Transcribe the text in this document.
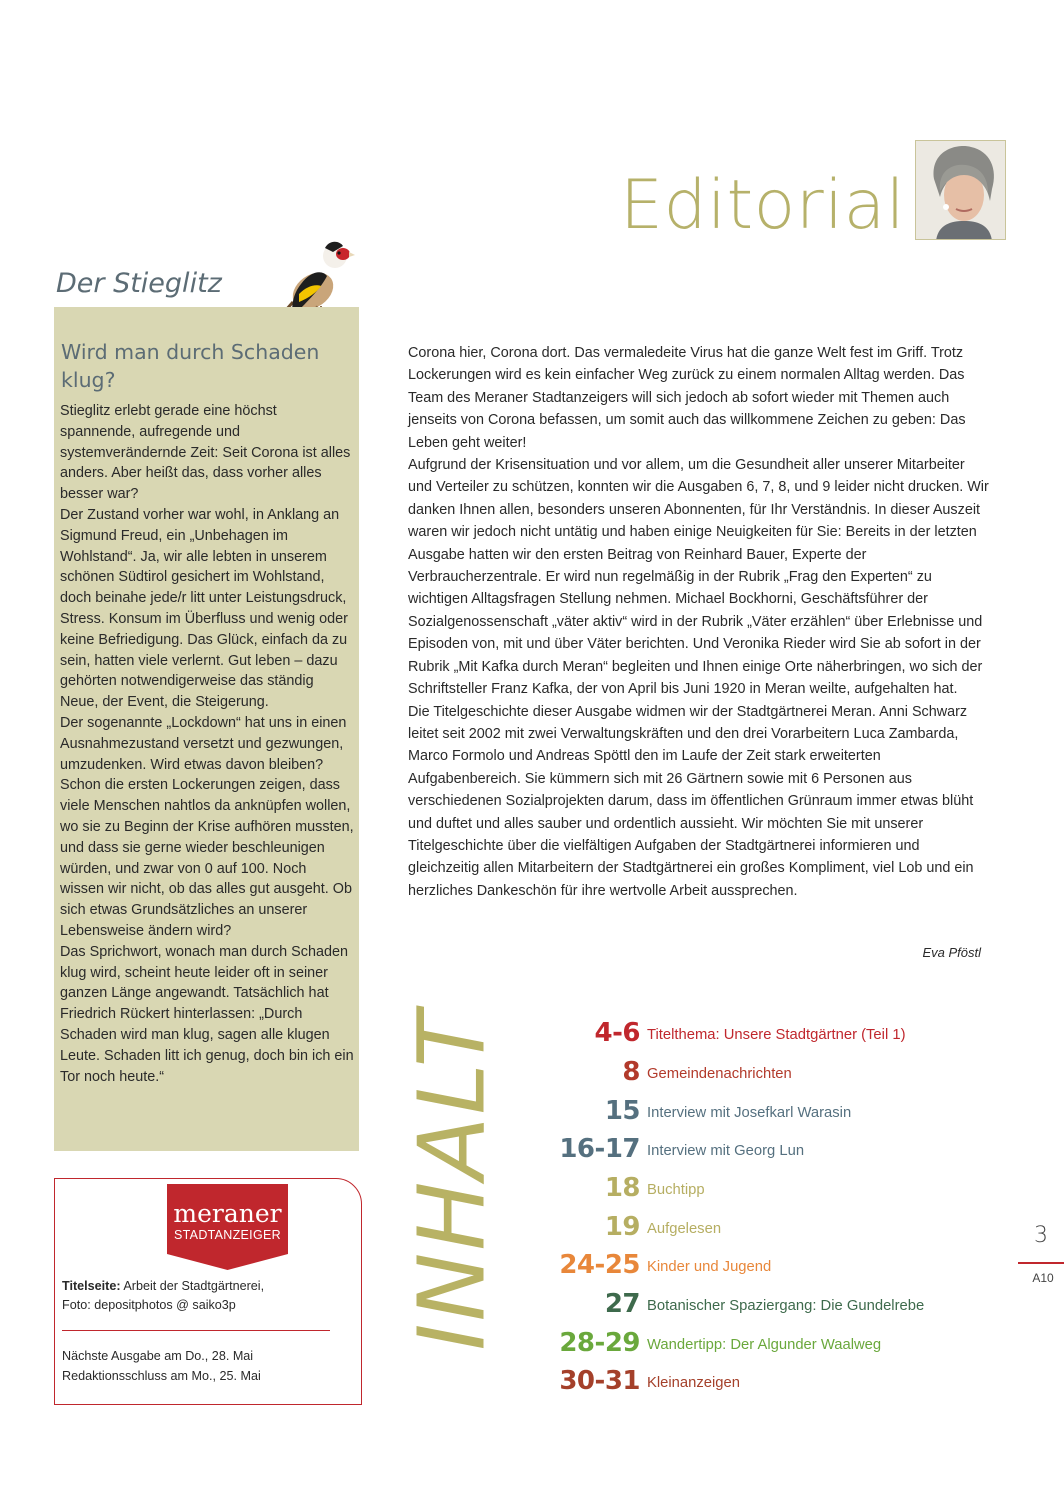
Editorial
Der Stieglitz
Wird man durch Schaden klug?

Stieglitz erlebt gerade eine höchst spannende, aufregende und systemverändernde Zeit: Seit Corona ist alles anders. Aber heißt das, dass vorher alles besser war?

Der Zustand vorher war wohl, in Anklang an Sigmund Freud, ein „Unbehagen im Wohlstand“. Ja, wir alle lebten in unserem schönen Südtirol gesichert im Wohlstand, doch beinahe jede/r litt unter Leistungsdruck, Stress. Konsum im Überfluss und wenig oder keine Befriedigung. Das Glück, einfach da zu sein, hatten viele verlernt. Gut leben – dazu gehörten notwendigerweise das ständig Neue, der Event, die Steigerung.

Der sogenannte „Lockdown“ hat uns in einen Ausnahmezustand versetzt und gezwungen, umzudenken. Wird etwas davon bleiben? Schon die ersten Lockerungen zeigen, dass viele Menschen nahtlos da anknüpfen wollen, wo sie zu Beginn der Krise aufhören mussten, und dass sie gerne wieder beschleunigen würden, und zwar von 0 auf 100. Noch wissen wir nicht, ob das alles gut ausgeht. Ob sich etwas Grundsätzliches an unserer Lebensweise ändern wird?

Das Sprichwort, wonach man durch Schaden klug wird, scheint heute leider oft in seiner ganzen Länge angewandt. Tatsächlich hat Friedrich Rückert hinterlassen: „Durch Schaden wird man klug, sagen alle klugen Leute. Schaden litt ich genug, doch bin ich ein Tor noch heute.“

meraner
STADTANZEIGER
Titelseite: Arbeit der Stadtgärtnerei,
Foto: depositphotos @ saiko3p
Nächste Ausgabe am Do., 28. Mai
Redaktionsschluss am Mo., 25. Mai

Corona hier, Corona dort. Das vermaledeite Virus hat die ganze Welt fest im Griff. Trotz Lockerungen wird es kein einfacher Weg zurück zu einem normalen Alltag werden. Das Team des Meraner Stadtanzeigers will sich jedoch ab sofort wieder mit Themen auch jenseits von Corona befassen, um somit auch das willkommene Zeichen zu geben: Das Leben geht weiter!

Aufgrund der Krisensituation und vor allem, um die Gesundheit aller unserer Mitarbeiter und Verteiler zu schützen, konnten wir die Ausgaben 6, 7, 8, und 9 leider nicht drucken. Wir danken Ihnen allen, besonders unseren Abonnenten, für Ihr Verständnis. In dieser Auszeit waren wir jedoch nicht untätig und haben einige Neuigkeiten für Sie: Bereits in der letzten Ausgabe hatten wir den ersten Beitrag von Reinhard Bauer, Experte der Verbraucherzentrale. Er wird nun regelmäßig in der Rubrik „Frag den Experten“ zu wichtigen Alltagsfragen Stellung nehmen. Michael Bockhorni, Geschäftsführer der Sozialgenossenschaft „väter aktiv“ wird in der Rubrik „Väter erzählen“ über Erlebnisse und Episoden von, mit und über Väter berichten. Und Veronika Rieder wird Sie ab sofort in der Rubrik „Mit Kafka durch Meran“ begleiten und Ihnen einige Orte näherbringen, wo sich der Schriftsteller Franz Kafka, der von April bis Juni 1920 in Meran weilte, aufgehalten hat.

Die Titelgeschichte dieser Ausgabe widmen wir der Stadtgärtnerei Meran. Anni Schwarz leitet seit 2002 mit zwei Verwaltungskräften und den drei Vorarbeitern Luca Zambarda, Marco Formolo und Andreas Spöttl den im Laufe der Zeit stark erweiterten Aufgabenbereich. Sie kümmern sich mit 26 Gärtnern sowie mit 6 Personen aus verschiedenen Sozialprojekten darum, dass im öffentlichen Grünraum immer etwas blüht und duftet und alles sauber und ordentlich aussieht. Wir möchten Sie mit unserer Titelgeschichte über die vielfältigen Aufgaben der Stadtgärtnerei informieren und gleichzeitig allen Mitarbeitern der Stadtgärtnerei ein großes Kompliment, viel Lob und ein herzliches Dankeschön für ihre wertvolle Arbeit aussprechen.

Eva Pföstl
INHALT	4-6 Titelthema: Unsere Stadtgärtner (Teil 1)
8 Gemeindenachrichten
15 Interview mit Josefkarl Warasin
16-17 Interview mit Georg Lun
18 Buchtipp
19 Aufgelesen
24-25 Kinder und Jugend
27 Botanischer Spaziergang: Die Gundelrebe
28-29 Wandertipp: Der Algunder Waalweg
30-31 Kleinanzeigen
3
A10
